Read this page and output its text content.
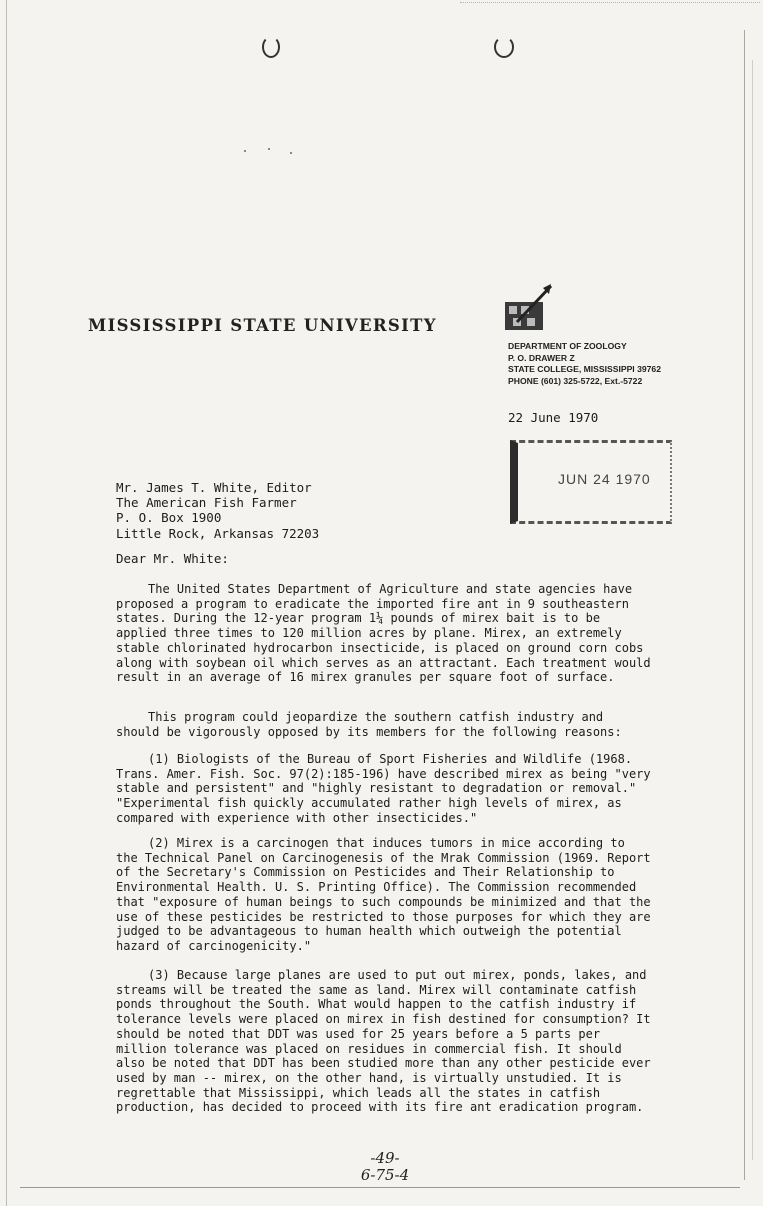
MISSISSIPPI STATE UNIVERSITY
DEPARTMENT OF ZOOLOGY
P. O. DRAWER Z
STATE COLLEGE, MISSISSIPPI 39762
PHONE (601) 325-5722, Ext.-5722
22 June 1970
JUN 24 1970
Mr. James T. White, Editor
The American Fish Farmer
P. O. Box 1900
Little Rock, Arkansas 72203
Dear Mr. White:
The United States Department of Agriculture and state agencies have proposed a program to eradicate the imported fire ant in 9 southeastern states. During the 12-year program 1¼ pounds of mirex bait is to be applied three times to 120 million acres by plane. Mirex, an extremely stable chlorinated hydrocarbon insecticide, is placed on ground corn cobs along with soybean oil which serves as an attractant. Each treatment would result in an average of 16 mirex granules per square foot of surface.
This program could jeopardize the southern catfish industry and should be vigorously opposed by its members for the following reasons:
(1) Biologists of the Bureau of Sport Fisheries and Wildlife (1968. Trans. Amer. Fish. Soc. 97(2):185-196) have described mirex as being "very stable and persistent" and "highly resistant to degradation or removal." "Experimental fish quickly accumulated rather high levels of mirex, as compared with experience with other insecticides."
(2) Mirex is a carcinogen that induces tumors in mice according to the Technical Panel on Carcinogenesis of the Mrak Commission (1969. Report of the Secretary's Commission on Pesticides and Their Relationship to Environmental Health. U. S. Printing Office). The Commission recommended that "exposure of human beings to such compounds be minimized and that the use of these pesticides be restricted to those purposes for which they are judged to be advantageous to human health which outweigh the potential hazard of carcinogenicity."
(3) Because large planes are used to put out mirex, ponds, lakes, and streams will be treated the same as land. Mirex will contaminate catfish ponds throughout the South. What would happen to the catfish industry if tolerance levels were placed on mirex in fish destined for consumption? It should be noted that DDT was used for 25 years before a 5 parts per million tolerance was placed on residues in commercial fish. It should also be noted that DDT has been studied more than any other pesticide ever used by man -- mirex, on the other hand, is virtually unstudied. It is regrettable that Mississippi, which leads all the states in catfish production, has decided to proceed with its fire ant eradication program.
-49-
6-75-4
